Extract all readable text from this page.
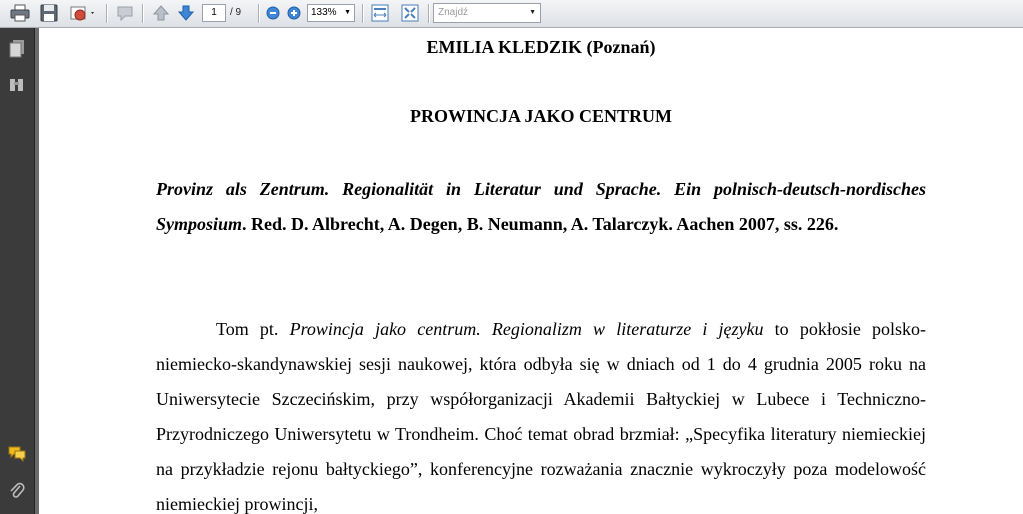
1	/ 9	133% ▼	Znajdź	▼
EMILIA KLEDZIK (Poznań)
PROWINCJA JAKO CENTRUM
Provinz als Zentrum. Regionalität in Literatur und Sprache. Ein polnisch-deutsch-nordisches Symposium. Red. D. Albrecht, A. Degen, B. Neumann, A. Talarczyk. Aachen 2007, ss. 226.
Tom pt. Prowincja jako centrum. Regionalizm w literaturze i języku to pokłosie polsko-niemiecko-skandynawskiej sesji naukowej, która odbyła się w dniach od 1 do 4 grudnia 2005 roku na Uniwersytecie Szczecińskim, przy współorganizacji Akademii Bałtyckiej w Lubece i Techniczno-Przyrodniczego Uniwersytetu w Trondheim. Choć temat obrad brzmiał: „Specyfika literatury niemieckiej na przykładzie rejonu bałtyckiego”, konferencyjne rozważania znacznie wykroczyły poza modelowość niemieckiej prowincji,
